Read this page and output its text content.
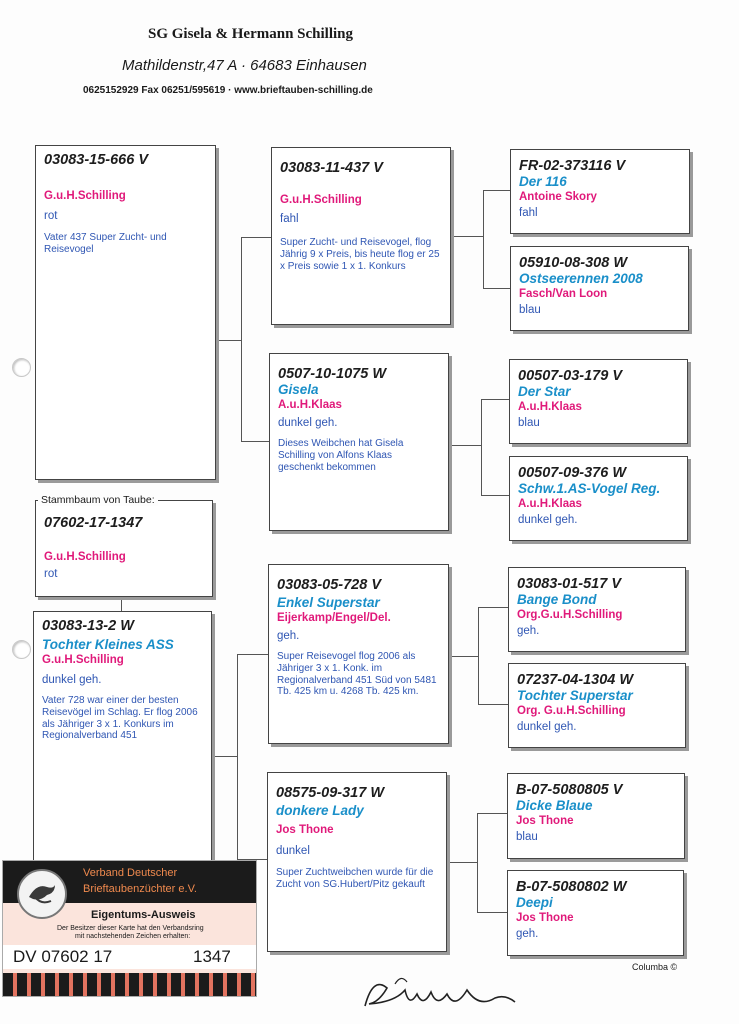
SG Gisela & Hermann Schilling
Mathildenstr,47 A · 64683 Einhausen
0625152929 Fax 06251/595619 · www.brieftauben-schilling.de
03083-15-666 V
G.u.H.Schilling
rot
Vater 437 Super Zucht- und Reisevogel
07602-17-1347
G.u.H.Schilling
rot
Stammbaum von Taube:
03083-13-2 W
Tochter Kleines ASS
G.u.H.Schilling
dunkel geh.
Vater 728 war einer der besten Reisevögel im Schlag. Er flog 2006 als Jähriger 3 x 1. Konkurs im Regionalverband 451
03083-11-437 V
G.u.H.Schilling
fahl
Super Zucht- und Reisevogel, flog Jährig 9 x Preis, bis heute flog er 25 x Preis sowie 1 x 1. Konkurs
0507-10-1075 W
Gisela
A.u.H.Klaas
dunkel geh.
Dieses Weibchen hat Gisela Schilling von Alfons Klaas geschenkt bekommen
03083-05-728 V
Enkel Superstar
Eijerkamp/Engel/Del.
geh.
Super Reisevogel flog 2006 als Jähriger 3 x 1. Konk. im Regionalverband 451 Süd von 5481 Tb. 425 km u. 4268 Tb. 425 km.
08575-09-317 W
donkere Lady
Jos Thone
dunkel
Super Zuchtweibchen wurde für die Zucht von SG.Hubert/Pitz gekauft
FR-02-373116 V
Der 116
Antoine Skory
fahl
05910-08-308 W
Ostseerennen 2008
Fasch/Van Loon
blau
00507-03-179 V
Der Star
A.u.H.Klaas
blau
00507-09-376 W
Schw.1.AS-Vogel Reg.
A.u.H.Klaas
dunkel geh.
03083-01-517 V
Bange Bond
Org.G.u.H.Schilling
geh.
07237-04-1304 W
Tochter Superstar
Org. G.u.H.Schilling
dunkel geh.
B-07-5080805 V
Dicke Blaue
Jos Thone
blau
B-07-5080802 W
Deepi
Jos Thone
geh.
Verband Deutscher
Brieftaubenzüchter e.V.
Eigentums-Ausweis
Der Besitzer dieser Karte hat den Verbandsring
mit nachstehenden Zeichen erhalten:
DV 07602 17	1347
Columba ©
